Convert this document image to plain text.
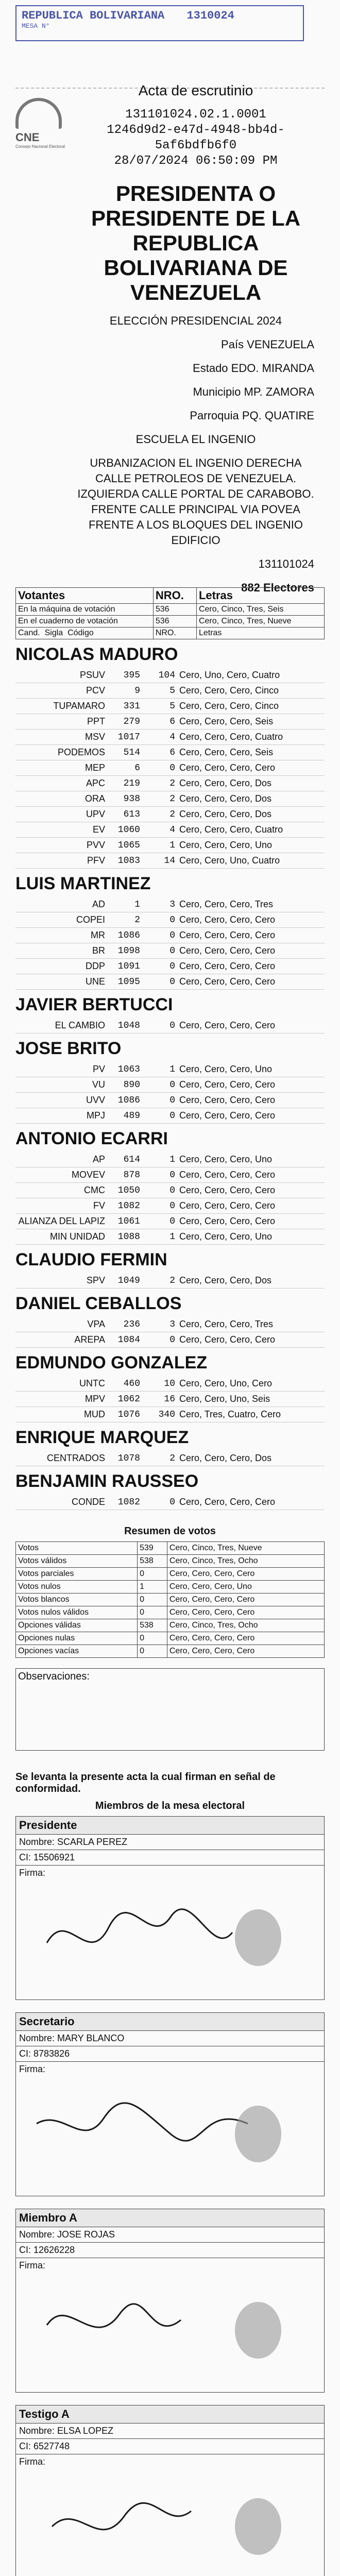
REPUBLICA BOLIVARIANA 1310024
MESA N°
CNE
Consejo Nacional Electoral
Acta de escrutinio
131101024.02.1.0001
1246d9d2-e47d-4948-bb4d-
5af6bdfb6f0
28/07/2024 06:50:09 PM
PRESIDENTA O PRESIDENTE DE LA REPUBLICA BOLIVARIANA DE VENEZUELA
ELECCIÓN PRESIDENCIAL 2024
País VENEZUELA
Estado EDO. MIRANDA
Municipio MP. ZAMORA
Parroquia PQ. QUATIRE
ESCUELA EL INGENIO
URBANIZACION EL INGENIO DERECHA CALLE PETROLEOS DE VENEZUELA. IZQUIERDA CALLE PORTAL DE CARABOBO. FRENTE CALLE PRINCIPAL VIA POVEA FRENTE A LOS BLOQUES DEL INGENIO EDIFICIO
131101024
882 Electores
Votantes	NRO.	Letras
En la máquina de votación	536	Cero, Cinco, Tres, Seis
En el cuaderno de votación	536	Cero, Cinco, Tres, Nueve
Cand. Sigla Código	NRO.	Letras
NICOLAS MADURO
PSUV	395	104	Cero, Uno, Cero, Cuatro
PCV	9	5	Cero, Cero, Cero, Cinco
TUPAMARO	331	5	Cero, Cero, Cero, Cinco
PPT	279	6	Cero, Cero, Cero, Seis
MSV	1017	4	Cero, Cero, Cero, Cuatro
PODEMOS	514	6	Cero, Cero, Cero, Seis
MEP	6	0	Cero, Cero, Cero, Cero
APC	219	2	Cero, Cero, Cero, Dos
ORA	938	2	Cero, Cero, Cero, Dos
UPV	613	2	Cero, Cero, Cero, Dos
EV	1060	4	Cero, Cero, Cero, Cuatro
PVV	1065	1	Cero, Cero, Cero, Uno
PFV	1083	14	Cero, Cero, Uno, Cuatro
LUIS MARTINEZ
AD	1	3	Cero, Cero, Cero, Tres
COPEI	2	0	Cero, Cero, Cero, Cero
MR	1086	0	Cero, Cero, Cero, Cero
BR	1098	0	Cero, Cero, Cero, Cero
DDP	1091	0	Cero, Cero, Cero, Cero
UNE	1095	0	Cero, Cero, Cero, Cero
JAVIER BERTUCCI
EL CAMBIO	1048	0	Cero, Cero, Cero, Cero
JOSE BRITO
PV	1063	1	Cero, Cero, Cero, Uno
VU	890	0	Cero, Cero, Cero, Cero
UVV	1086	0	Cero, Cero, Cero, Cero
MPJ	489	0	Cero, Cero, Cero, Cero
ANTONIO ECARRI
AP	614	1	Cero, Cero, Cero, Uno
MOVEV	878	0	Cero, Cero, Cero, Cero
CMC	1050	0	Cero, Cero, Cero, Cero
FV	1082	0	Cero, Cero, Cero, Cero
ALIANZA DEL LAPIZ	1061	0	Cero, Cero, Cero, Cero
MIN UNIDAD	1088	1	Cero, Cero, Cero, Uno
CLAUDIO FERMIN
SPV	1049	2	Cero, Cero, Cero, Dos
DANIEL CEBALLOS
VPA	236	3	Cero, Cero, Cero, Tres
AREPA	1084	0	Cero, Cero, Cero, Cero
EDMUNDO GONZALEZ
UNTC	460	10	Cero, Cero, Uno, Cero
MPV	1062	16	Cero, Cero, Uno, Seis
MUD	1076	340	Cero, Tres, Cuatro, Cero
ENRIQUE MARQUEZ
CENTRADOS	1078	2	Cero, Cero, Cero, Dos
BENJAMIN RAUSSEO
CONDE	1082	0	Cero, Cero, Cero, Cero
Resumen de votos
Votos	539	Cero, Cinco, Tres, Nueve
Votos válidos	538	Cero, Cinco, Tres, Ocho
Votos parciales	0	Cero, Cero, Cero, Cero
Votos nulos	1	Cero, Cero, Cero, Uno
Votos blancos	0	Cero, Cero, Cero, Cero
Votos nulos válidos	0	Cero, Cero, Cero, Cero
Opciones válidas	538	Cero, Cinco, Tres, Ocho
Opciones nulas	0	Cero, Cero, Cero, Cero
Opciones vacías	0	Cero, Cero, Cero, Cero
Observaciones:
Se levanta la presente acta la cual firman en señal de conformidad.
Miembros de la mesa electoral
Presidente
Nombre: SCARLA PEREZ
CI: 15506921
Firma:
Secretario
Nombre: MARY BLANCO
CI: 8783826
Firma:
Miembro A
Nombre: JOSE ROJAS
CI: 12626228
Firma:
Testigo A
Nombre: ELSA LOPEZ
CI: 6527748
Firma:
